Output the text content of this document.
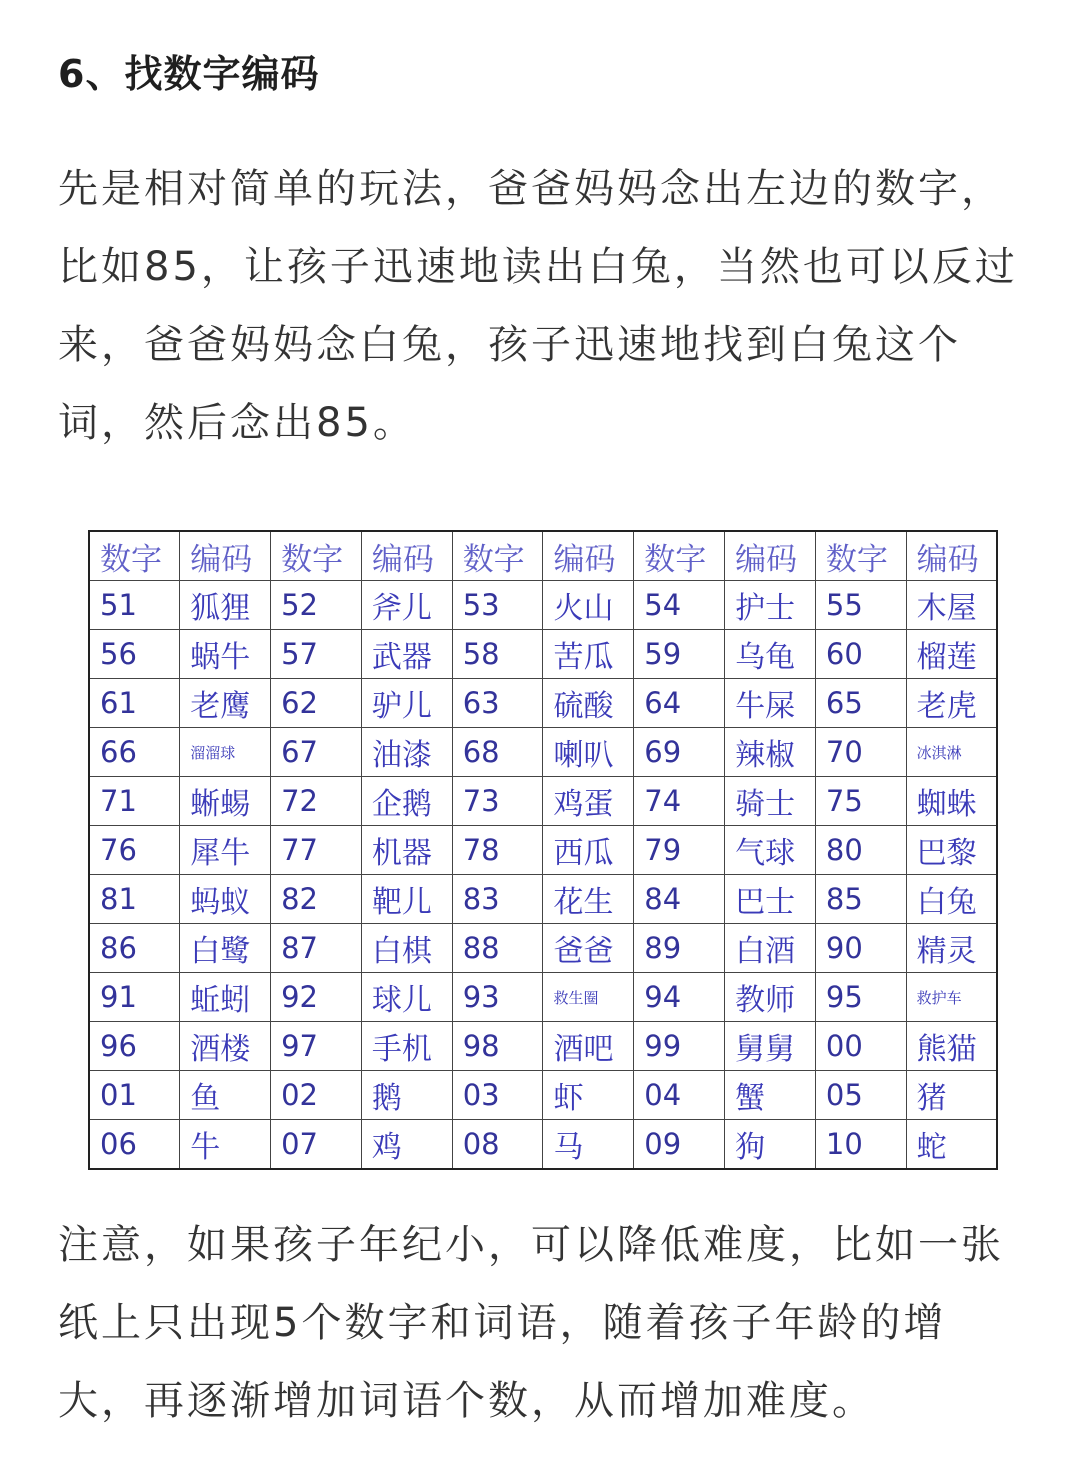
6、找数字编码
先是相对简单的玩法，爸爸妈妈念出左边的数字，比如85，让孩子迅速地读出白兔，当然也可以反过来，爸爸妈妈念白兔，孩子迅速地找到白兔这个词，然后念出85。
数字	编码	数字	编码	数字	编码	数字	编码	数字	编码
51	狐狸	52	斧儿	53	火山	54	护士	55	木屋
56	蜗牛	57	武器	58	苦瓜	59	乌龟	60	榴莲
61	老鹰	62	驴儿	63	硫酸	64	牛屎	65	老虎
66	溜溜球	67	油漆	68	喇叭	69	辣椒	70	冰淇淋
71	蜥蜴	72	企鹅	73	鸡蛋	74	骑士	75	蜘蛛
76	犀牛	77	机器	78	西瓜	79	气球	80	巴黎
81	蚂蚁	82	靶儿	83	花生	84	巴士	85	白兔
86	白鹭	87	白棋	88	爸爸	89	白酒	90	精灵
91	蚯蚓	92	球儿	93	救生圈	94	教师	95	救护车
96	酒楼	97	手机	98	酒吧	99	舅舅	00	熊猫
01	鱼	02	鹅	03	虾	04	蟹	05	猪
06	牛	07	鸡	08	马	09	狗	10	蛇
注意，如果孩子年纪小，可以降低难度，比如一张纸上只出现5个数字和词语，随着孩子年龄的增大，再逐渐增加词语个数，从而增加难度。
